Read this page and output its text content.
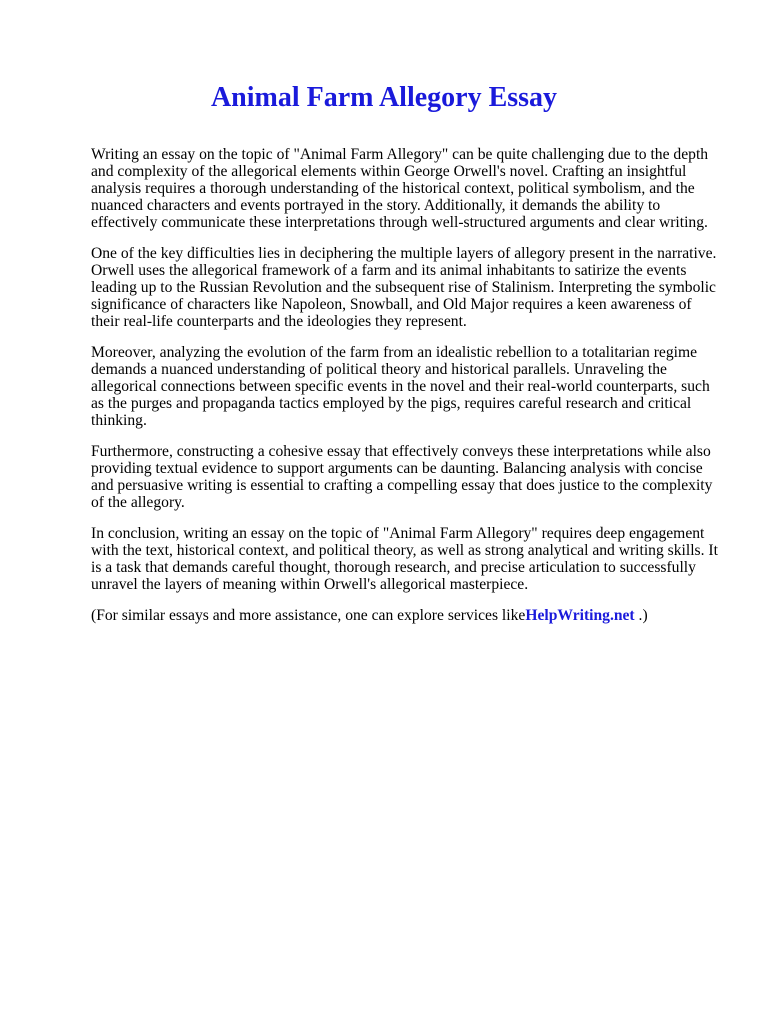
Animal Farm Allegory Essay

Writing an essay on the topic of "Animal Farm Allegory" can be quite challenging due to the depth and complexity of the allegorical elements within George Orwell's novel. Crafting an insightful analysis requires a thorough understanding of the historical context, political symbolism, and the nuanced characters and events portrayed in the story. Additionally, it demands the ability to effectively communicate these interpretations through well-structured arguments and clear writing.

One of the key difficulties lies in deciphering the multiple layers of allegory present in the narrative. Orwell uses the allegorical framework of a farm and its animal inhabitants to satirize the events leading up to the Russian Revolution and the subsequent rise of Stalinism. Interpreting the symbolic significance of characters like Napoleon, Snowball, and Old Major requires a keen awareness of their real-life counterparts and the ideologies they represent.

Moreover, analyzing the evolution of the farm from an idealistic rebellion to a totalitarian regime demands a nuanced understanding of political theory and historical parallels. Unraveling the allegorical connections between specific events in the novel and their real-world counterparts, such as the purges and propaganda tactics employed by the pigs, requires careful research and critical thinking.

Furthermore, constructing a cohesive essay that effectively conveys these interpretations while also providing textual evidence to support arguments can be daunting. Balancing analysis with concise and persuasive writing is essential to crafting a compelling essay that does justice to the complexity of the allegory.

In conclusion, writing an essay on the topic of "Animal Farm Allegory" requires deep engagement with the text, historical context, and political theory, as well as strong analytical and writing skills. It is a task that demands careful thought, thorough research, and precise articulation to successfully unravel the layers of meaning within Orwell's allegorical masterpiece.

(For similar essays and more assistance, one can explore services likeHelpWriting.net .)
